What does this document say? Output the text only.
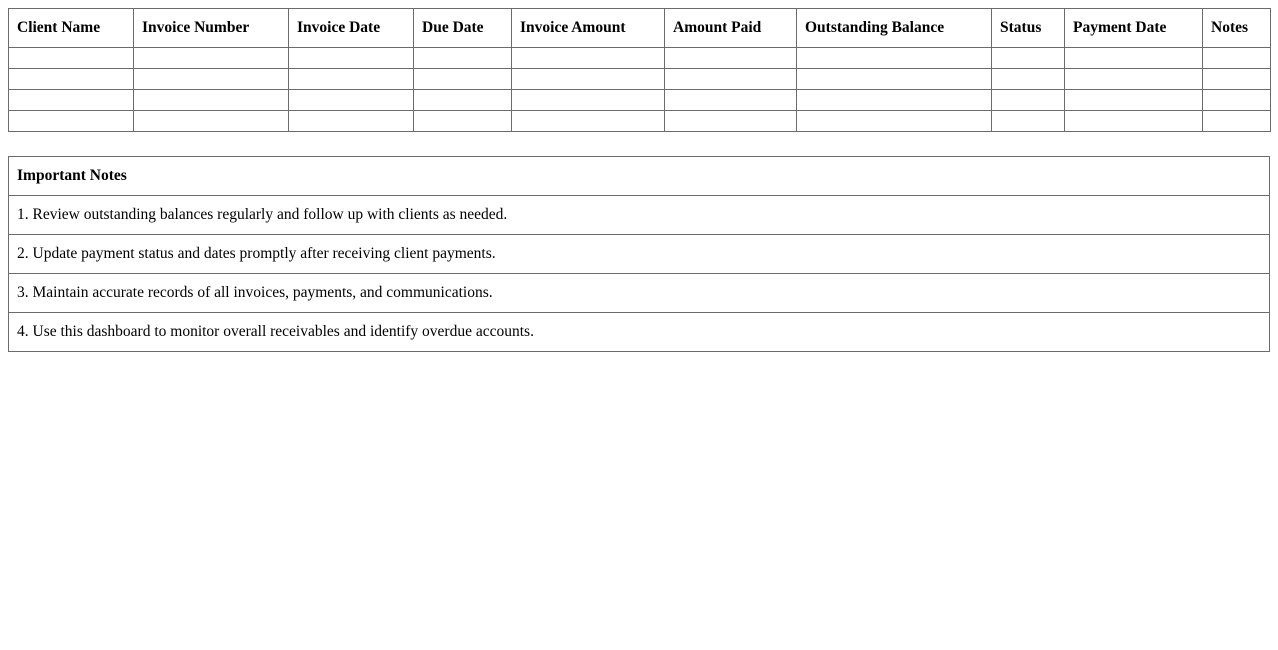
Client Name	Invoice Number	Invoice Date	Due Date	Invoice Amount	Amount Paid	Outstanding Balance	Status	Payment Date	Notes

Important Notes
1. Review outstanding balances regularly and follow up with clients as needed.
2. Update payment status and dates promptly after receiving client payments.
3. Maintain accurate records of all invoices, payments, and communications.
4. Use this dashboard to monitor overall receivables and identify overdue accounts.
